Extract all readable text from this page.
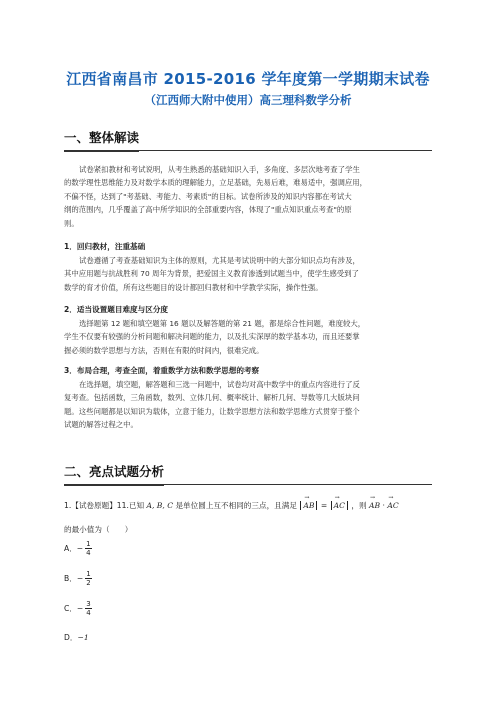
江西省南昌市 2015-2016 学年度第一学期期末试卷
（江西师大附中使用）高三理科数学分析
一、整体解读
试卷紧扣教材和考试说明，从考生熟悉的基础知识入手，多角度、多层次地考查了学生
的数学理性思维能力及对数学本质的理解能力，立足基础，先易后难，难易适中，强调应用，
不偏不怪，达到了"考基础、考能力、考素质"的目标。试卷所涉及的知识内容都在考试大
纲的范围内，几乎覆盖了高中所学知识的全部重要内容，体现了"重点知识重点考查"的原
则。
1．回归教材，注重基础
试卷遵循了考查基础知识为主体的原则，尤其是考试说明中的大部分知识点均有涉及，
其中应用题与抗战胜利 70 周年为背景，把爱国主义教育渗透到试题当中，使学生感受到了
数学的育才价值，所有这些题目的设计都回归教材和中学教学实际，操作性强。
2．适当设置题目难度与区分度
选择题第 12 题和填空题第 16 题以及解答题的第 21 题，都是综合性问题，难度较大，
学生不仅要有较强的分析问题和解决问题的能力，以及扎实深厚的数学基本功，而且还要掌
握必须的数学思想与方法，否则在有限的时间内，很难完成。
3．布局合理，考查全面，着重数学方法和数学思想的考察
在选择题，填空题，解答题和三选一问题中，试卷均对高中数学中的重点内容进行了反
复考查。包括函数，三角函数，数列、立体几何、概率统计、解析几何、导数等几大版块问
题。这些问题都是以知识为载体，立意于能力，让数学思想方法和数学思维方式贯穿于整个
试题的解答过程之中。
二、亮点试题分析
1.【试卷原题】11.已知 A, B, C 是单位圆上互不相同的三点，且满足 → AB = → AC ，则 → AB · → AC
的最小值为（　　）
A． − $\frac{1}{4}$
B． − $\frac{1}{2}$
C． − $\frac{3}{4}$
D． −1
